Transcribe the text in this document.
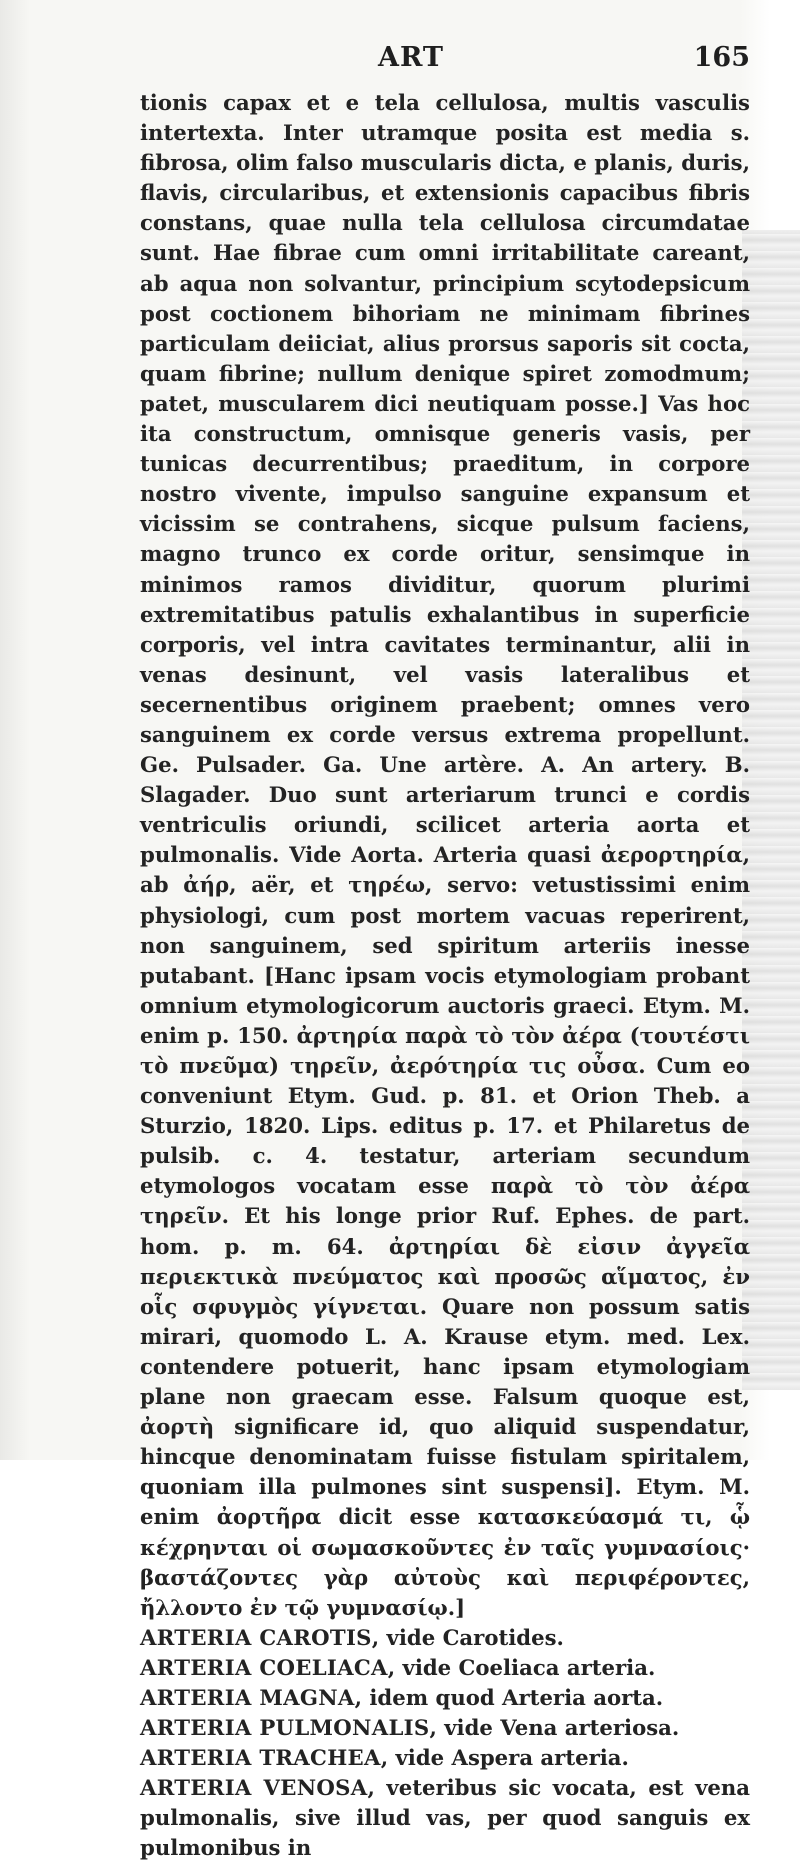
ART	165

tionis capax et e tela cellulosa, multis vasculis intertexta. Inter utramque posita est media s. fibrosa, olim falso muscularis dicta, e planis, duris, flavis, circularibus, et extensionis capacibus fibris constans, quae nulla tela cellulosa circumdatae sunt. Hae fibrae cum omni irritabilitate careant, ab aqua non solvantur, principium scytodepsicum post coctionem bihoriam ne minimam fibrines particulam deiiciat, alius prorsus saporis sit cocta, quam fibrine; nullum denique spiret zomodmum; patet, muscularem dici neutiquam posse.] Vas hoc ita constructum, omnisque generis vasis, per tunicas decurrentibus; praeditum, in corpore nostro vivente, impulso sanguine expansum et vicissim se contrahens, sicque pulsum faciens, magno trunco ex corde oritur, sensimque in minimos ramos dividitur, quorum plurimi extremitatibus patulis exhalantibus in superficie corporis, vel intra cavitates terminantur, alii in venas desinunt, vel vasis lateralibus et secernentibus originem praebent; omnes vero sanguinem ex corde versus extrema propellunt. Ge. Pulsader. Ga. Une artère. A. An artery. B. Slagader. Duo sunt arteriarum trunci e cordis ventriculis oriundi, scilicet arteria aorta et pulmonalis. Vide Aorta. Arteria quasi ἀερορτηρία, ab ἀήρ, aër, et τηρέω, servo: vetustissimi enim physiologi, cum post mortem vacuas reperirent, non sanguinem, sed spiritum arteriis inesse putabant. [Hanc ipsam vocis etymologiam probant omnium etymologicorum auctoris graeci. Etym. M. enim p. 150. ἀρτηρία παρὰ τὸ τὸν ἀέρα (τουτέστι τὸ πνεῦμα) τηρεῖν, ἀερότηρία τις οὖσα. Cum eo conveniunt Etym. Gud. p. 81. et Orion Theb. a Sturzio, 1820. Lips. editus p. 17. et Philaretus de pulsib. c. 4. testatur, arteriam secundum etymologos vocatam esse παρὰ τὸ τὸν ἀέρα τηρεῖν. Et his longe prior Ruf. Ephes. de part. hom. p. m. 64. ἀρτηρίαι δὲ εἰσιν ἀγγεῖα περιεκτικὰ πνεύματος καὶ προσῶς αἵματος, ἐν οἷς σφυγμὸς γίγνεται. Quare non possum satis mirari, quomodo L. A. Krause etym. med. Lex. contendere potuerit, hanc ipsam etymologiam plane non graecam esse. Falsum quoque est, ἀορτὴ significare id, quo aliquid suspendatur, hincque denominatam fuisse fistulam spiritalem, quoniam illa pulmones sint suspensi]. Etym. M. enim ἀορτῆρα dicit esse κατασκεύασμά τι, ᾧ κέχρηνται οἱ σωμασκοῦντες ἐν ταῖς γυμνασίοις· βαστάζοντες γὰρ αὐτοὺς καὶ περιφέροντες, ἤλλοντο ἐν τῷ γυμνασίῳ.]

ARTERIA CAROTIS, vide Carotides.

ARTERIA COELIACA, vide Coeliaca arteria.

ARTERIA MAGNA, idem quod Arteria aorta.

ARTERIA PULMONALIS, vide Vena arteriosa.

ARTERIA TRACHEA, vide Aspera arteria.

ARTERIA VENOSA, veteribus sic vocata, est vena pulmonalis, sive illud vas, per quod sanguis ex pulmonibus in
